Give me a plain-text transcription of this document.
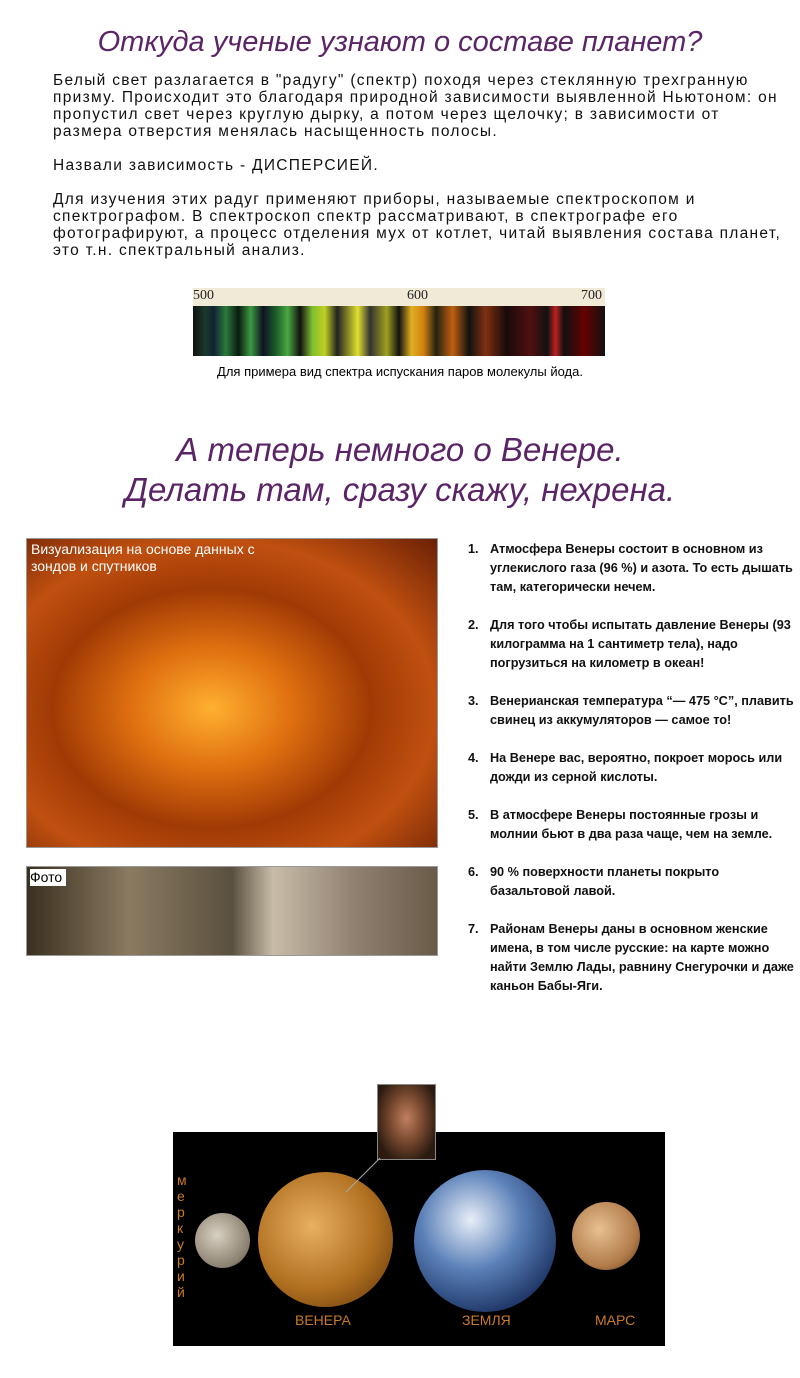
Откуда ученые узнают о составе планет?

Белый свет разлагается в "радугу" (спектр) походя через стеклянную трехгранную призму. Происходит это благодаря природной зависимости выявленной Ньютоном: он пропустил свет через круглую дырку, а потом через щелочку; в зависимости от размера отверстия менялась насыщенность полосы.

Назвали зависимость - ДИСПЕРСИЕЙ.

Для изучения этих радуг применяют приборы, называемые спектроскопом и спектрографом. В спектроскоп спектр рассматривают, в спектрографе его фотографируют, а процесс отделения мух от котлет, читай выявления состава планет, это т.н. спектральный анализ.

500	600	700
Для примера вид спектра испускания паров молекулы йода.
А теперь немного о Венере.
Делать там, сразу скажу, нехрена.
Визуализация на основе данных с зондов и спутников
Фото
1. Атмосфера Венеры состоит в основном из углекислого газа (96 %) и азота. То есть дышать там, категорически нечем.
2. Для того чтобы испытать давление Венеры (93 килограмма на 1 сантиметр тела), надо погрузиться на километр в океан!
3. Венерианская температура “— 475 °С”, плавить свинец из аккумуляторов — самое то!
4. На Венере вас, вероятно, покроет морось или дожди из серной кислоты.
5. В атмосфере Венеры постоянные грозы и молнии бьют в два раза чаще, чем на земле.
6. 90 % поверхности планеты покрыто базальтовой лавой.
7. Районам Венеры даны в основном женские имена, в том числе русские: на карте можно найти Землю Лады, равнину Снегурочки и даже каньон Бабы-Яги.
меркурий
ВЕНЕРА	ЗЕМЛЯ	МАРС
